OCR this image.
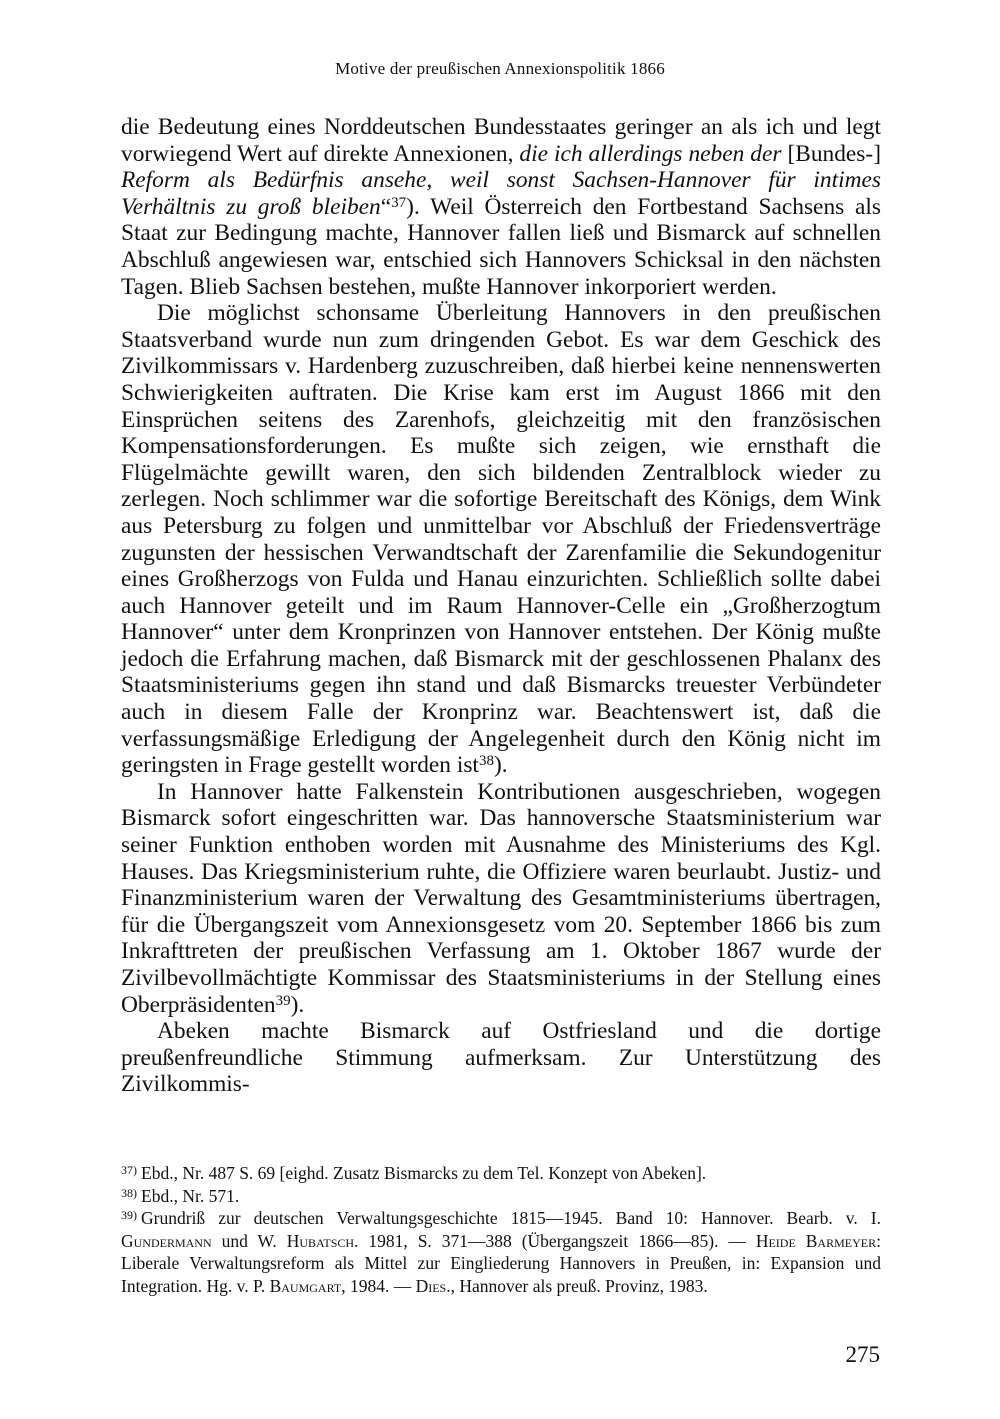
Motive der preußischen Annexionspolitik 1866

die Bedeutung eines Norddeutschen Bundesstaates geringer an als ich und legt vorwiegend Wert auf direkte Annexionen, die ich allerdings neben der [Bundes-] Reform als Bedürfnis ansehe, weil sonst Sachsen-Hannover für intimes Verhältnis zu groß bleiben“$^{37}$). Weil Österreich den Fortbestand Sachsens als Staat zur Bedingung machte, Hannover fallen ließ und Bismarck auf schnellen Abschluß angewiesen war, entschied sich Hannovers Schicksal in den nächsten Tagen. Blieb Sachsen bestehen, mußte Hannover inkorporiert werden.

Die möglichst schonsame Überleitung Hannovers in den preußischen Staatsverband wurde nun zum dringenden Gebot. Es war dem Geschick des Zivilkommissars v. Hardenberg zuzuschreiben, daß hierbei keine nennenswerten Schwierigkeiten auftraten. Die Krise kam erst im August 1866 mit den Einsprüchen seitens des Zarenhofs, gleichzeitig mit den französischen Kompensationsforderungen. Es mußte sich zeigen, wie ernsthaft die Flügelmächte gewillt waren, den sich bildenden Zentralblock wieder zu zerlegen. Noch schlimmer war die sofortige Bereitschaft des Königs, dem Wink aus Petersburg zu folgen und unmittelbar vor Abschluß der Friedensverträge zugunsten der hessischen Verwandtschaft der Zarenfamilie die Sekundogenitur eines Großherzogs von Fulda und Hanau einzurichten. Schließlich sollte dabei auch Hannover geteilt und im Raum Hannover-Celle ein „Großherzogtum Hannover“ unter dem Kronprinzen von Hannover entstehen. Der König mußte jedoch die Erfahrung machen, daß Bismarck mit der geschlossenen Phalanx des Staatsministeriums gegen ihn stand und daß Bismarcks treuester Verbündeter auch in diesem Falle der Kronprinz war. Beachtenswert ist, daß die verfassungsmäßige Erledigung der Angelegenheit durch den König nicht im geringsten in Frage gestellt worden ist$^{38}$).

In Hannover hatte Falkenstein Kontributionen ausgeschrieben, wogegen Bismarck sofort eingeschritten war. Das hannoversche Staatsministerium war seiner Funktion enthoben worden mit Ausnahme des Ministeriums des Kgl. Hauses. Das Kriegsministerium ruhte, die Offiziere waren beurlaubt. Justiz- und Finanzministerium waren der Verwaltung des Gesamtministeriums übertragen, für die Übergangszeit vom Annexionsgesetz vom 20. September 1866 bis zum Inkrafttreten der preußischen Verfassung am 1. Oktober 1867 wurde der Zivilbevollmächtigte Kommissar des Staatsministeriums in der Stellung eines Oberpräsidenten$^{39}$).

Abeken machte Bismarck auf Ostfriesland und die dortige preußenfreundliche Stimmung aufmerksam. Zur Unterstützung des Zivilkommis-

$^{37)}$ Ebd., Nr. 487 S. 69 [eighd. Zusatz Bismarcks zu dem Tel. Konzept von Abeken].

$^{38)}$ Ebd., Nr. 571.

$^{39)}$ Grundriß zur deutschen Verwaltungsgeschichte 1815—1945. Band 10: Hannover. Bearb. v. I. Gundermann und W. Hubatsch. 1981, S. 371—388 (Übergangszeit 1866—85). — Heide Barmeyer: Liberale Verwaltungsreform als Mittel zur Eingliederung Hannovers in Preußen, in: Expansion und Integration. Hg. v. P. Baumgart, 1984. — Dies., Hannover als preuß. Provinz, 1983.

275
